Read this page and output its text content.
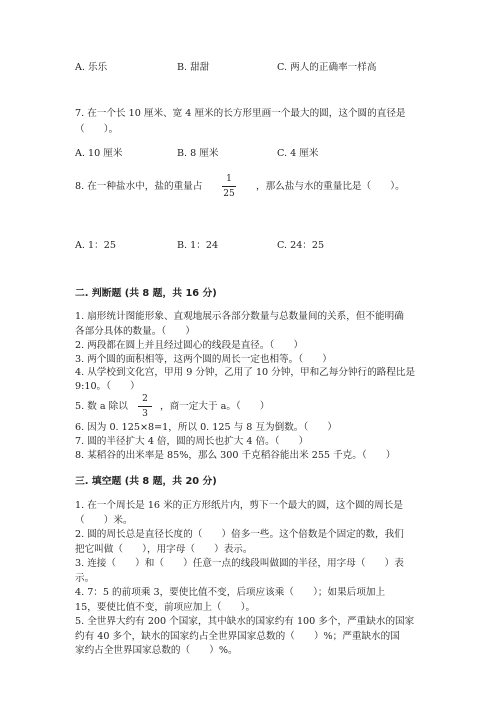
A. 乐乐	B. 甜甜	C. 两人的正确率一样高
7. 在一个长 10 厘米、宽 4 厘米的长方形里画一个最大的圆，这个圆的直径是
（　　）。
A. 10 厘米	B. 8 厘米	C. 4 厘米
8. 在一种盐水中，盐的重量占
1
25
，那么盐与水的重量比是（　　）。
A. 1：25	B. 1：24	C. 24：25
二. 判断题 (共 8 题，共 16 分)
1. 扇形统计图能形象、直观地展示各部分数量与总数量间的关系，但不能明确
各部分具体的数量。（　　）
2. 两段都在圆上并且经过圆心的线段是直径。（　　）
3. 两个圆的面积相等，这两个圆的周长一定也相等。（　　）
4. 从学校到文化宫，甲用 9 分钟，乙用了 10 分钟，甲和乙每分钟行的路程比是
9:10。（　　）
5. 数 a 除以
2
3
，商一定大于 a。（　　）
6. 因为 0. 125×8=1，所以 0. 125 与 8 互为倒数。（　　）
7. 圆的半径扩大 4 倍，圆的周长也扩大 4 倍。（　　）
8. 某稻谷的出米率是 85%，那么 300 千克稻谷能出米 255 千克。（　　）
三. 填空题 (共 8 题，共 20 分)
1. 在一个周长是 16 米的正方形纸片内，剪下一个最大的圆，这个圆的周长是
（　　）米。
2. 圆的周长总是直径长度的（　　）倍多一些。这个倍数是个固定的数，我们
把它叫做（　　），用字母（　　）表示。
3. 连接（　　）和（　　）任意一点的线段叫做圆的半径，用字母（　　）表
示。
4. 7：5 的前项乘 3，要使比值不变，后项应该乘（　　）；如果后项加上
15，要使比值不变，前项应加上（　　）。
5. 全世界大约有 200 个国家，其中缺水的国家约有 100 多个，严重缺水的国家
约有 40 多个，缺水的国家约占全世界国家总数的（　　）%；严重缺水的国
家约占全世界国家总数的（　　）%。
